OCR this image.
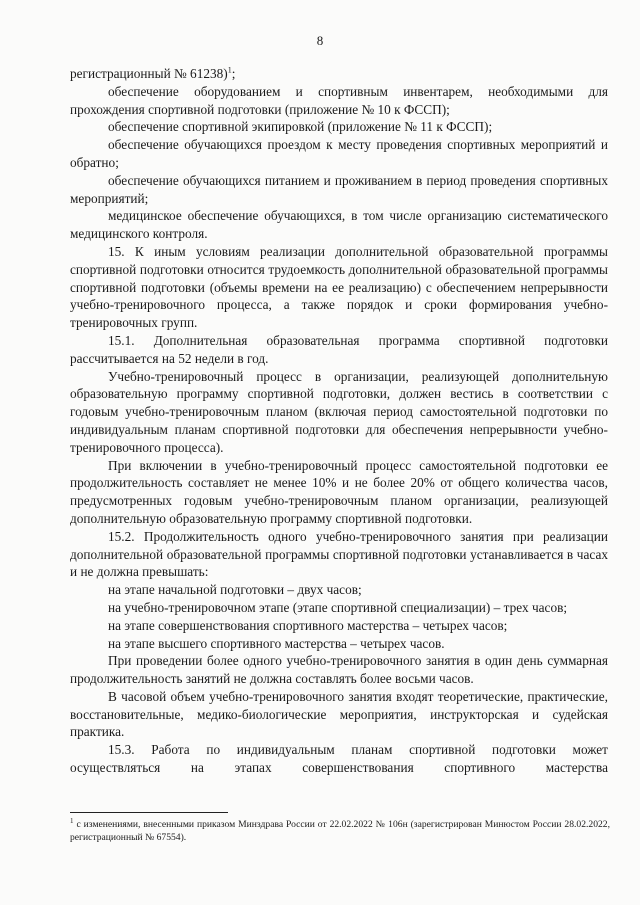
8

регистрационный № 61238)$^1$;

обеспечение оборудованием и спортивным инвентарем, необходимыми для прохождения спортивной подготовки (приложение № 10 к ФССП);

обеспечение спортивной экипировкой (приложение № 11 к ФССП);

обеспечение обучающихся проездом к месту проведения спортивных мероприятий и обратно;

обеспечение обучающихся питанием и проживанием в период проведения спортивных мероприятий;

медицинское обеспечение обучающихся, в том числе организацию систематического медицинского контроля.

15. К иным условиям реализации дополнительной образовательной программы спортивной подготовки относится трудоемкость дополнительной образовательной программы спортивной подготовки (объемы времени на ее реализацию) с обеспечением непрерывности учебно-тренировочного процесса, а также порядок и сроки формирования учебно-тренировочных групп.

15.1. Дополнительная образовательная программа спортивной подготовки рассчитывается на 52 недели в год.

Учебно-тренировочный процесс в организации, реализующей дополнительную образовательную программу спортивной подготовки, должен вестись в соответствии с годовым учебно-тренировочным планом (включая период самостоятельной подготовки по индивидуальным планам спортивной подготовки для обеспечения непрерывности учебно-тренировочного процесса).

При включении в учебно-тренировочный процесс самостоятельной подготовки ее продолжительность составляет не менее 10% и не более 20% от общего количества часов, предусмотренных годовым учебно-тренировочным планом организации, реализующей дополнительную образовательную программу спортивной подготовки.

15.2. Продолжительность одного учебно-тренировочного занятия при реализации дополнительной образовательной программы спортивной подготовки устанавливается в часах и не должна превышать:

на этапе начальной подготовки – двух часов;

на учебно-тренировочном этапе (этапе спортивной специализации) – трех часов;

на этапе совершенствования спортивного мастерства – четырех часов;

на этапе высшего спортивного мастерства – четырех часов.

При проведении более одного учебно-тренировочного занятия в один день суммарная продолжительность занятий не должна составлять более восьми часов.

В часовой объем учебно-тренировочного занятия входят теоретические, практические, восстановительные, медико-биологические мероприятия, инструкторская и судейская практика.

15.3. Работа по индивидуальным планам спортивной подготовки может осуществляться на этапах совершенствования спортивного мастерства

$^1$ с изменениями, внесенными приказом Минздрава России от 22.02.2022 № 106н (зарегистрирован Минюстом России 28.02.2022, регистрационный № 67554).
